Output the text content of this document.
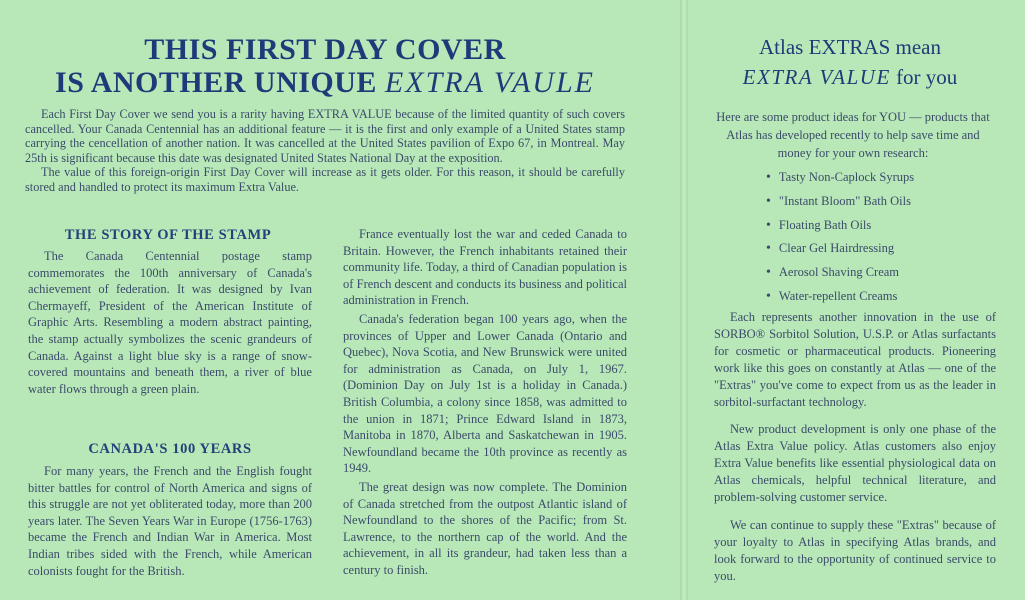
THIS FIRST DAY COVER
IS ANOTHER UNIQUE EXTRA VAULE

Each First Day Cover we send you is a rarity having EXTRA VALUE because of the limited quantity of such covers cancelled. Your Canada Centennial has an additional feature — it is the first and only example of a United States stamp carrying the cencellation of another nation. It was cancelled at the United States pavilion of Expo 67, in Montreal. May 25th is significant because this date was designated United States National Day at the exposition.

The value of this foreign-origin First Day Cover will increase as it gets older. For this reason, it should be carefully stored and handled to protect its maximum Extra Value.

THE STORY OF THE STAMP

The Canada Centennial postage stamp commemorates the 100th anniversary of Canada's achievement of federation. It was designed by Ivan Chermayeff, President of the American Institute of Graphic Arts. Resembling a modern abstract painting, the stamp actually symbolizes the scenic grandeurs of Canada. Against a light blue sky is a range of snow-covered mountains and beneath them, a river of blue water flows through a green plain.

CANADA'S 100 YEARS

For many years, the French and the English fought bitter battles for control of North America and signs of this struggle are not yet obliterated today, more than 200 years later. The Seven Years War in Europe (1756-1763) became the French and Indian War in America. Most Indian tribes sided with the French, while American colonists fought for the British.

France eventually lost the war and ceded Canada to Britain. However, the French inhabitants retained their community life. Today, a third of Canadian population is of French descent and conducts its business and political administration in French.

Canada's federation began 100 years ago, when the provinces of Upper and Lower Canada (Ontario and Quebec), Nova Scotia, and New Brunswick were united for administration as Canada, on July 1, 1967. (Dominion Day on July 1st is a holiday in Canada.) British Columbia, a colony since 1858, was admitted to the union in 1871; Prince Edward Island in 1873, Manitoba in 1870, Alberta and Saskatchewan in 1905. Newfoundland became the 10th province as recently as 1949.

The great design was now complete. The Dominion of Canada stretched from the outpost Atlantic island of Newfoundland to the shores of the Pacific; from St. Lawrence, to the northern cap of the world. And the achievement, in all its grandeur, had taken less than a century to finish.

Atlas EXTRAS mean
EXTRA VALUE for you

Here are some product ideas for YOU — products that Atlas has developed recently to help save time and money for your own research:

• Tasty Non-Caplock Syrups
• "Instant Bloom" Bath Oils
• Floating Bath Oils
• Clear Gel Hairdressing
• Aerosol Shaving Cream
• Water-repellent Creams

Each represents another innovation in the use of SORBO® Sorbitol Solution, U.S.P. or Atlas surfactants for cosmetic or pharmaceutical products. Pioneering work like this goes on constantly at Atlas — one of the "Extras" you've come to expect from us as the leader in sorbitol-surfactant technology.

New product development is only one phase of the Atlas Extra Value policy. Atlas customers also enjoy Extra Value benefits like essential physiological data on Atlas chemicals, helpful technical literature, and problem-solving customer service.

We can continue to supply these "Extras" because of your loyalty to Atlas in specifying Atlas brands, and look forward to the opportunity of continued service to you.
